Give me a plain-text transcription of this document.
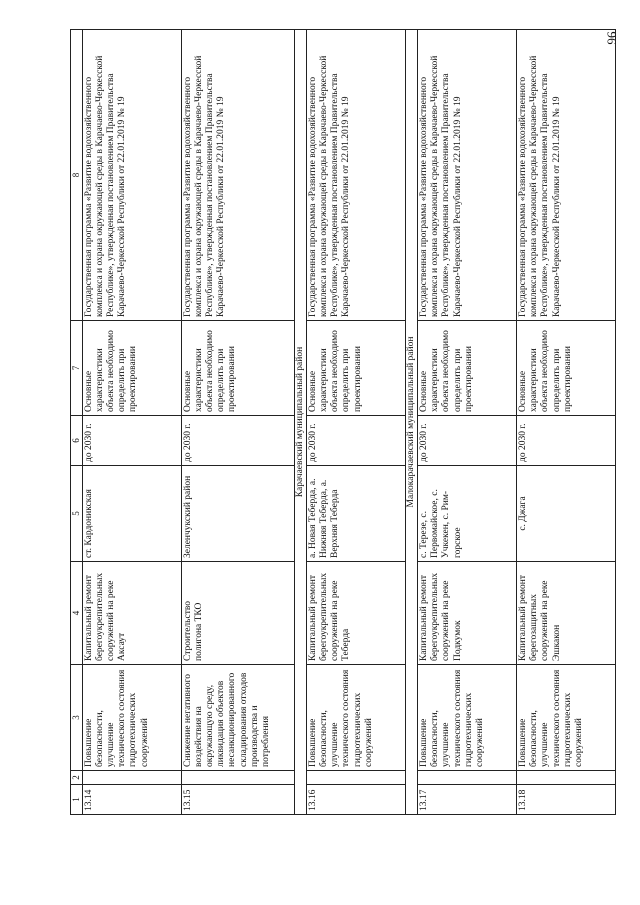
96
1	2	3	4	5	6	7	8
13.14		Повышение безопасности, улучшение технического состояния гидротехнических сооружений	Капитальный ремонт берегоукрепительных сооружений на реке Аксаут	ст. Кардоникская	до 2030 г.	Основные характеристики объекта необходимо определить при проектировании	Государственная программа «Развитие водохозяйственного комплекса и охрана окружающей среды в Карачаево-Черкесской Республике», утвержденная постановлением Правительства Карачаево-Черкесской Республики от 22.01.2019 № 19
13.15		Снижение негативного воздействия на окружающую среду, ликвидация объектов несанкционированного складирования отходов производства и потребления	Строительство полигона ТКО	Зеленчукский район	до 2030 г.	Основные характеристики объекта необходимо определить при проектировании	Государственная программа «Развитие водохозяйственного комплекса и охрана окружающей среды в Карачаево-Черкесской Республике», утвержденная постановлением Правительства Карачаево-Черкесской Республики от 22.01.2019 № 19
Карачаевский муниципальный район							
13.16		Повышение безопасности, улучшение технического состояния гидротехнических сооружений	Капитальный ремонт берегоукрепительных сооружений на реке Теберда	а. Новая Теберда, а. Нижняя Теберда, а. Верхняя Теберда	до 2030 г.	Основные характеристики объекта необходимо определить при проектировании	Государственная программа «Развитие водохозяйственного комплекса и охрана окружающей среды в Карачаево-Черкесской Республике», утвержденная постановлением Правительства Карачаево-Черкесской Республики от 22.01.2019 № 19
Малокарачаевский муниципальный район							
13.17		Повышение безопасности, улучшение технического состояния гидротехнических сооружений	Капитальный ремонт берегоукрепительных сооружений на реке Подкумок	с. Терезе, с. Первомайское, с. Учкекен, с. Рим-горское	до 2030 г.	Основные характеристики объекта необходимо определить при проектировании	Государственная программа «Развитие водохозяйственного комплекса и охрана окружающей среды в Карачаево-Черкесской Республике», утвержденная постановлением Правительства Карачаево-Черкесской Республики от 22.01.2019 № 19
13.18		Повышение безопасности, улучшение технического состояния гидротехнических сооружений	Капитальный ремонт берегозащитных сооружений на реке Эшкакон	с. Джага	до 2030 г.	Основные характеристики объекта необходимо определить при проектировании	Государственная программа «Развитие водохозяйственного комплекса и охрана окружающей среды в Карачаево-Черкесской Республике», утвержденная постановлением Правительства Карачаево-Черкесской Республики от 22.01.2019 № 19
